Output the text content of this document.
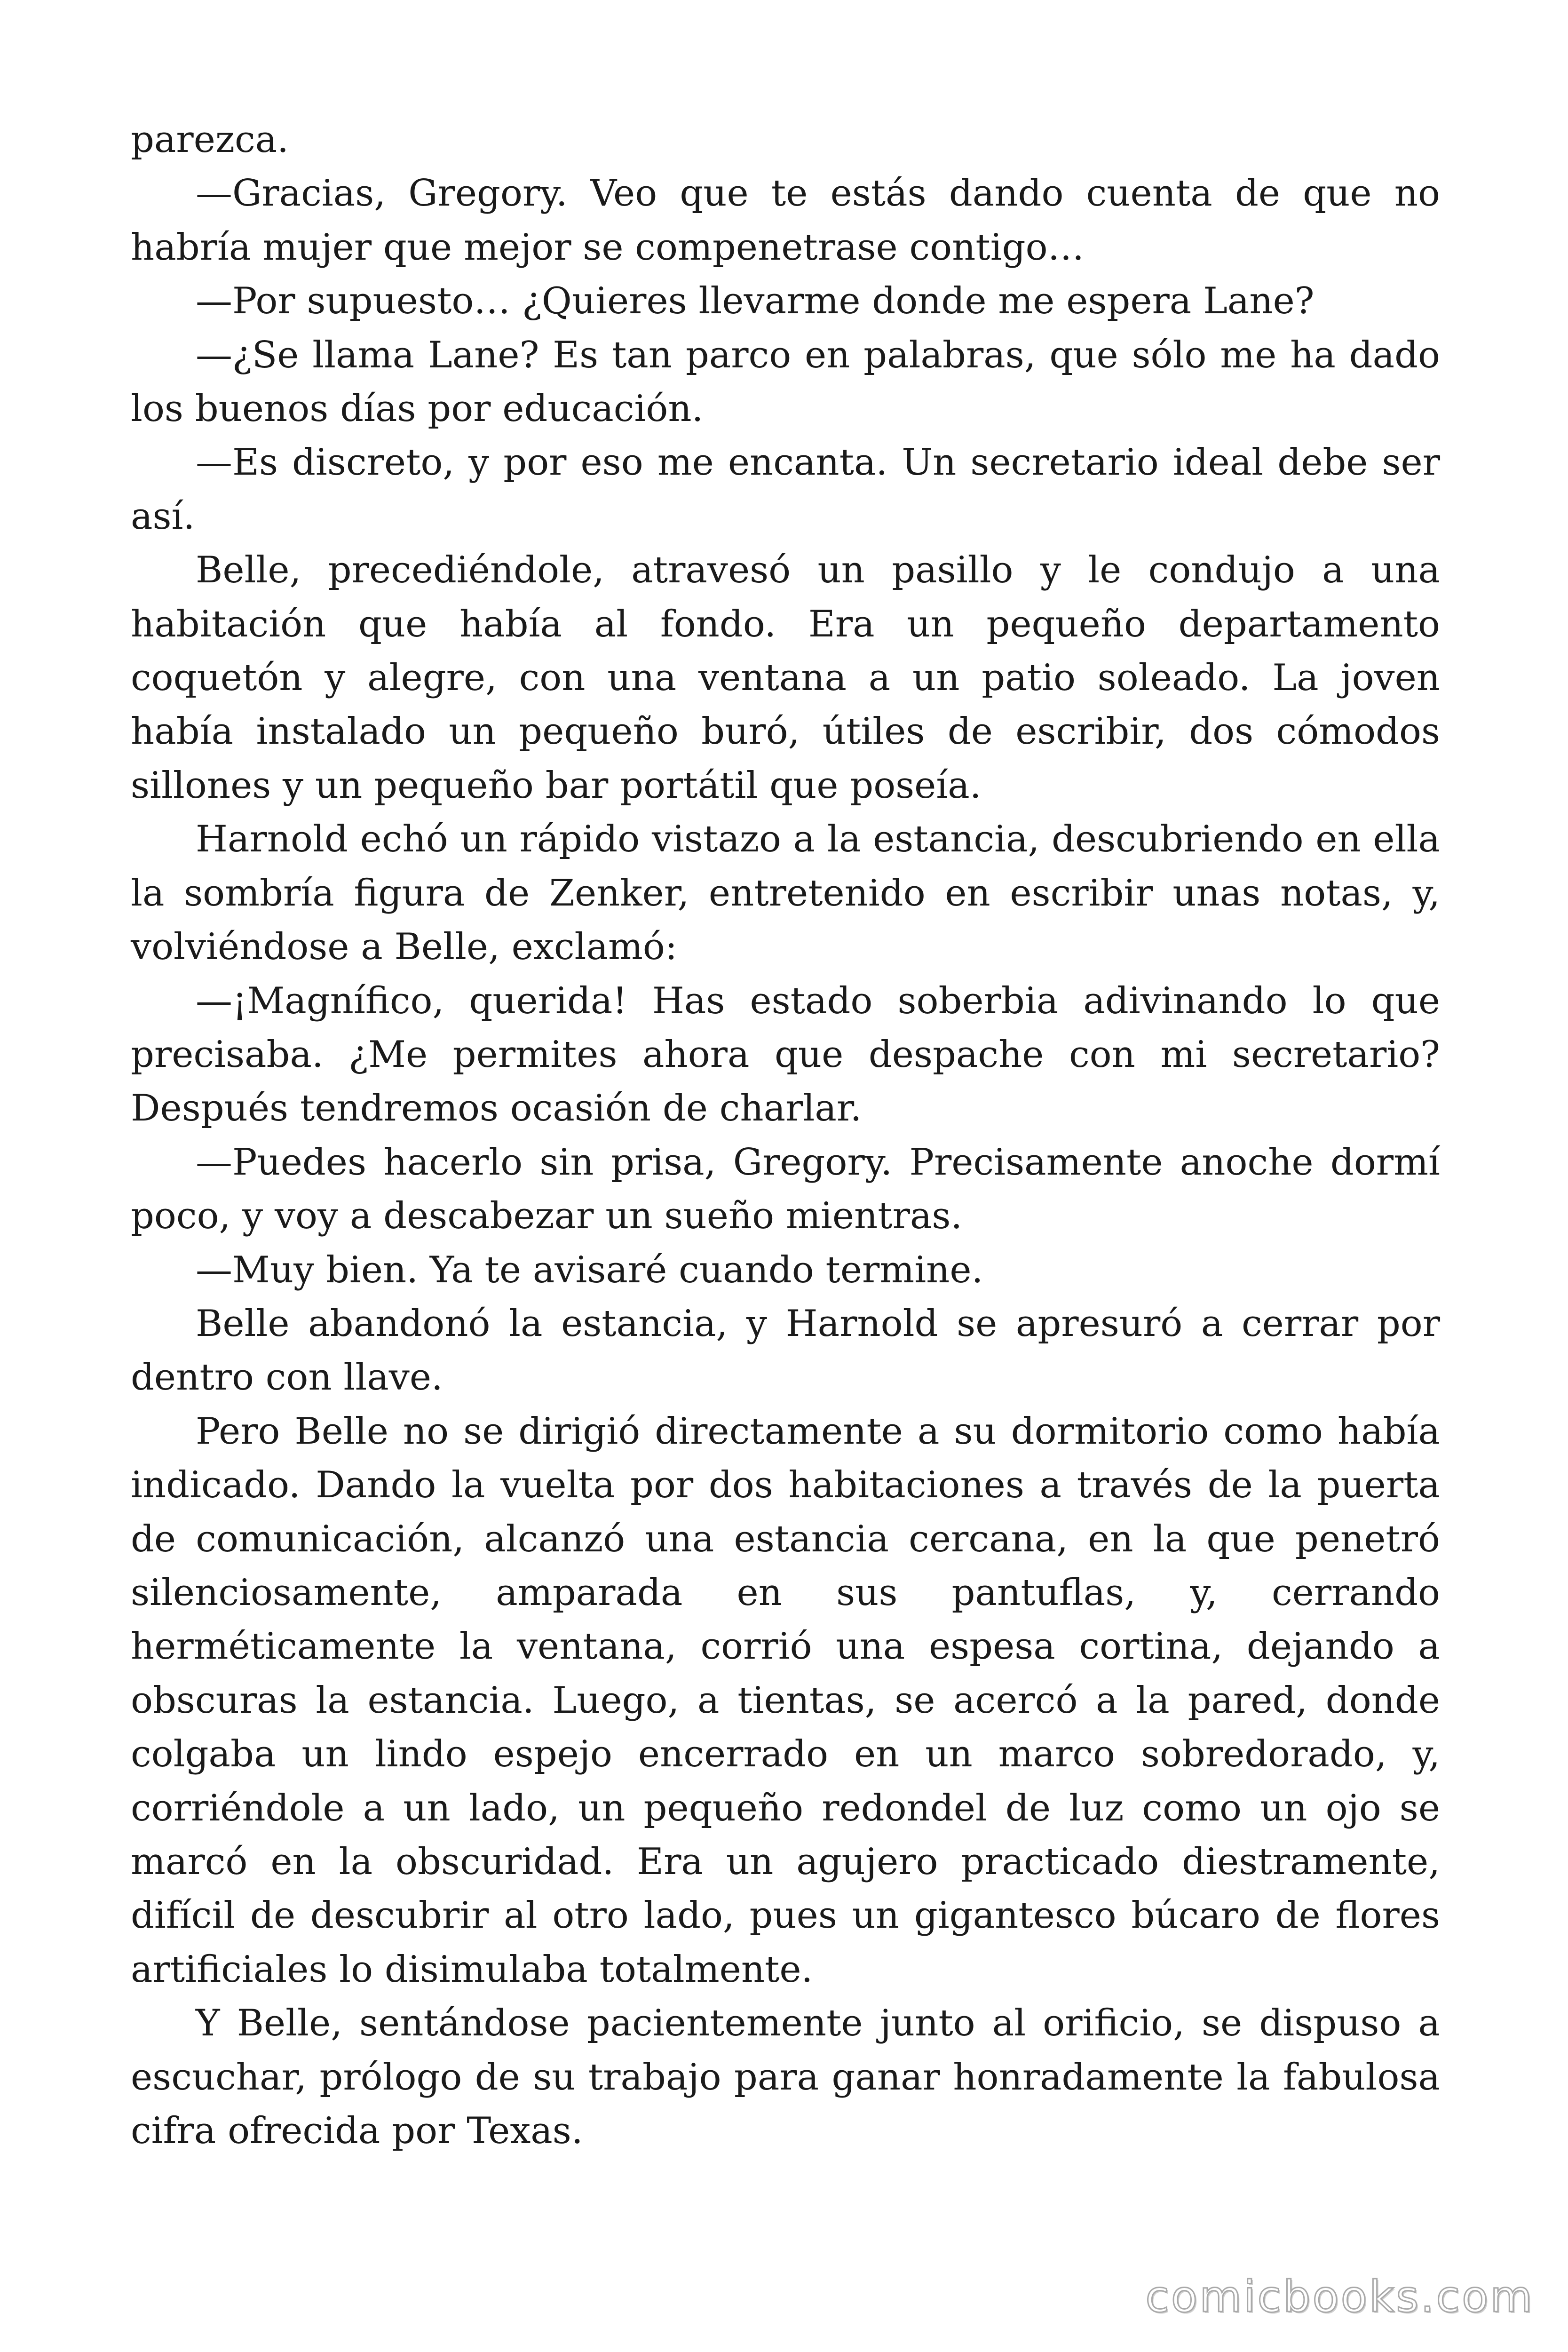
parezca.

—Gracias, Gregory. Veo que te estás dando cuenta de que no habría mujer que mejor se compenetrase contigo…

—Por supuesto… ¿Quieres llevarme donde me espera Lane?

—¿Se llama Lane? Es tan parco en palabras, que sólo me ha dado los buenos días por educación.

—Es discreto, y por eso me encanta. Un secretario ideal debe ser así.

Belle, precediéndole, atravesó un pasillo y le condujo a una habitación que había al fondo. Era un pequeño departamento coquetón y alegre, con una ventana a un patio soleado. La joven había instalado un pequeño buró, útiles de escribir, dos cómodos sillones y un pequeño bar portátil que poseía.

Harnold echó un rápido vistazo a la estancia, descubriendo en ella la sombría figura de Zenker, entretenido en escribir unas notas, y, volviéndose a Belle, exclamó:

—¡Magnífico, querida! Has estado soberbia adivinando lo que precisaba. ¿Me permites ahora que despache con mi secretario? Después tendremos ocasión de charlar.

—Puedes hacerlo sin prisa, Gregory. Precisamente anoche dormí poco, y voy a descabezar un sueño mientras.

—Muy bien. Ya te avisaré cuando termine.

Belle abandonó la estancia, y Harnold se apresuró a cerrar por dentro con llave.

Pero Belle no se dirigió directamente a su dormitorio como había indicado. Dando la vuelta por dos habitaciones a través de la puerta de comunicación, alcanzó una estancia cercana, en la que penetró silenciosamente, amparada en sus pantuflas, y, cerrando herméticamente la ventana, corrió una espesa cortina, dejando a obscuras la estancia. Luego, a tientas, se acercó a la pared, donde colgaba un lindo espejo encerrado en un marco sobredorado, y, corriéndole a un lado, un pequeño redondel de luz como un ojo se marcó en la obscuridad. Era un agujero practicado diestramente, difícil de descubrir al otro lado, pues un gigantesco búcaro de flores artificiales lo disimulaba totalmente.

Y Belle, sentándose pacientemente junto al orificio, se dispuso a escuchar, prólogo de su trabajo para ganar honradamente la fabulosa cifra ofrecida por Texas.

comicbooks.com
